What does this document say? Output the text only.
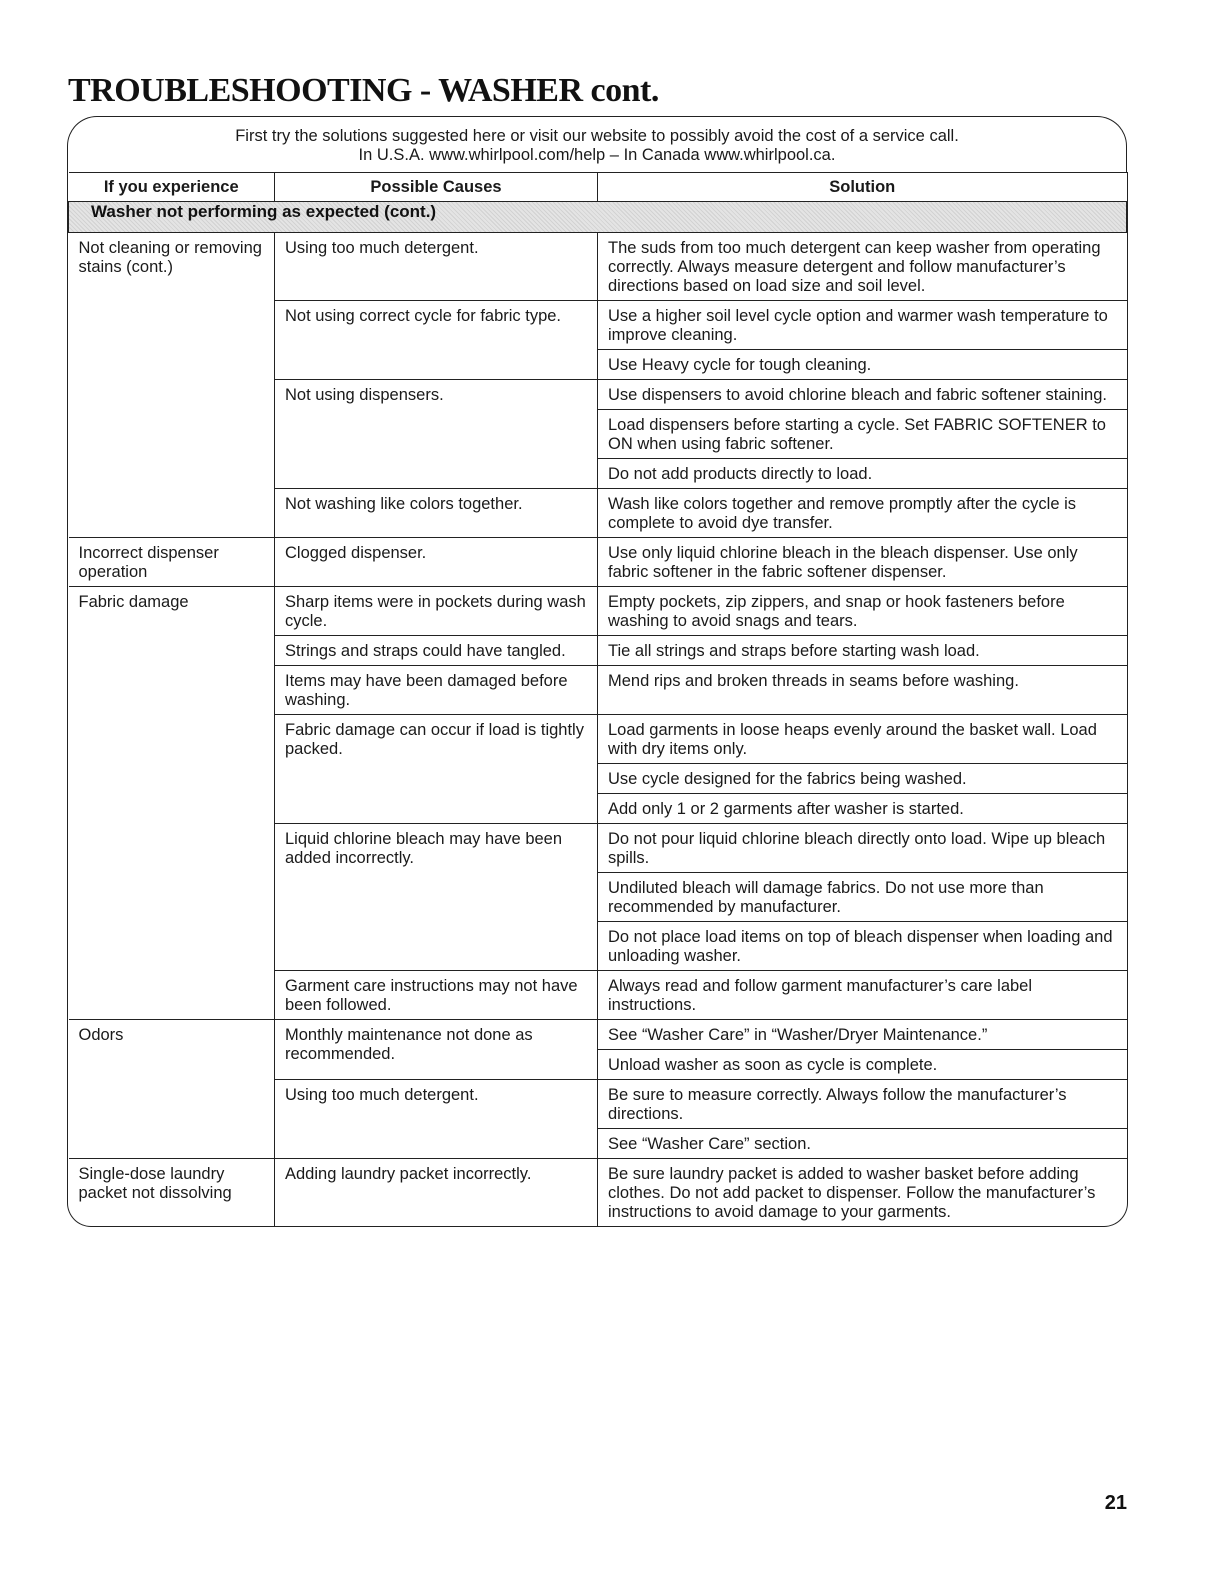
TROUBLESHOOTING - WASHER cont.
First try the solutions suggested here or visit our website to possibly avoid the cost of a service call.
In U.S.A. www.whirlpool.com/help – In Canada www.whirlpool.ca.
If you experience	Possible Causes	Solution
Washer not performing as expected (cont.)		
Not cleaning or removing stains (cont.)	Using too much detergent.	The suds from too much detergent can keep washer from operating correctly. Always measure detergent and follow manufacturer’s directions based on load size and soil level.
	Not using correct cycle for fabric type.	Use a higher soil level cycle option and warmer wash temperature to improve cleaning.
		Use Heavy cycle for tough cleaning.
	Not using dispensers.	Use dispensers to avoid chlorine bleach and fabric softener staining.
		Load dispensers before starting a cycle. Set FABRIC SOFTENER to ON when using fabric softener.
		Do not add products directly to load.
	Not washing like colors together.	Wash like colors together and remove promptly after the cycle is complete to avoid dye transfer.
Incorrect dispenser operation	Clogged dispenser.	Use only liquid chlorine bleach in the bleach dispenser. Use only fabric softener in the fabric softener dispenser.
Fabric damage	Sharp items were in pockets during wash cycle.	Empty pockets, zip zippers, and snap or hook fasteners before washing to avoid snags and tears.
	Strings and straps could have tangled.	Tie all strings and straps before starting wash load.
	Items may have been damaged before washing.	Mend rips and broken threads in seams before washing.
	Fabric damage can occur if load is tightly packed.	Load garments in loose heaps evenly around the basket wall. Load with dry items only.
		Use cycle designed for the fabrics being washed.
		Add only 1 or 2 garments after washer is started.
	Liquid chlorine bleach may have been added incorrectly.	Do not pour liquid chlorine bleach directly onto load. Wipe up bleach spills.
		Undiluted bleach will damage fabrics. Do not use more than recommended by manufacturer.
		Do not place load items on top of bleach dispenser when loading and unloading washer.
	Garment care instructions may not have been followed.	Always read and follow garment manufacturer’s care label instructions.
Odors	Monthly maintenance not done as recommended.	See “Washer Care” in “Washer/Dryer Maintenance.”
		Unload washer as soon as cycle is complete.
	Using too much detergent.	Be sure to measure correctly. Always follow the manufacturer’s directions.
		See “Washer Care” section.
Single-dose laundry packet not dissolving	Adding laundry packet incorrectly.	Be sure laundry packet is added to washer basket before adding clothes. Do not add packet to dispenser. Follow the manufacturer’s instructions to avoid damage to your garments.
21
